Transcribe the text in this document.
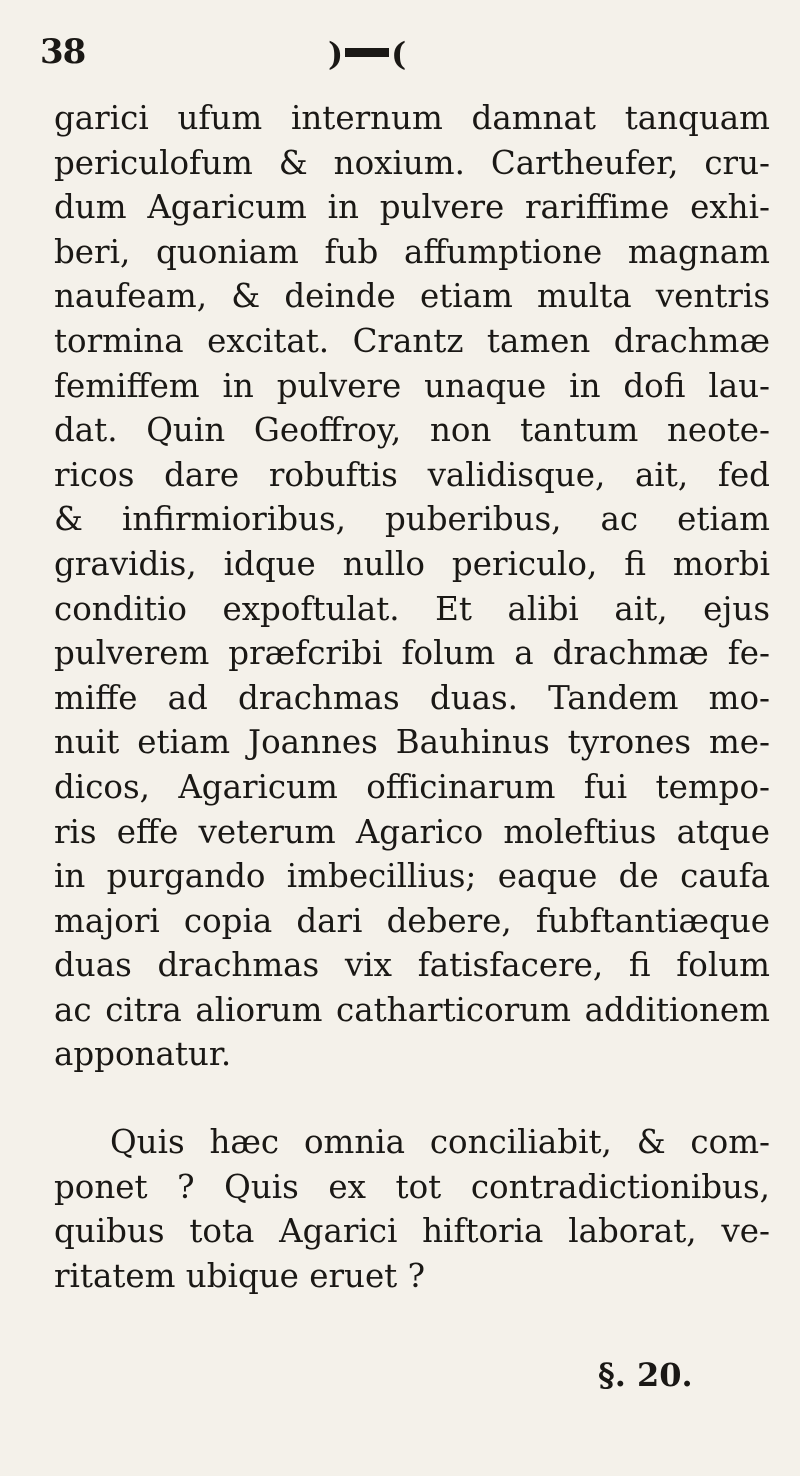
38	) (
garici ufum internum damnat tanquam
periculofum & noxium. Cartheufer, cru-
dum Agaricum in pulvere rariffime exhi-
beri, quoniam fub affumptione magnam
naufeam, & deinde etiam multa ventris
tormina excitat. Crantz tamen drachmæ
femiffem in pulvere unaque in dofi lau-
dat. Quin Geoffroy, non tantum neote-
ricos dare robuftis validisque, ait, fed
& infirmioribus, puberibus, ac etiam
gravidis, idque nullo periculo, fi morbi
conditio expoftulat. Et alibi ait, ejus
pulverem præfcribi folum a drachmæ fe-
miffe ad drachmas duas. Tandem mo-
nuit etiam Joannes Bauhinus tyrones me-
dicos, Agaricum officinarum fui tempo-
ris effe veterum Agarico moleftius atque
in purgando imbecillius; eaque de caufa
majori copia dari debere, fubftantiæque
duas drachmas vix fatisfacere, fi folum
ac citra aliorum catharticorum additionem
apponatur.
Quis hæc omnia conciliabit, & com-
ponet ? Quis ex tot contradictionibus,
quibus tota Agarici hiftoria laborat, ve-
ritatem ubique eruet ?
§. 20.
